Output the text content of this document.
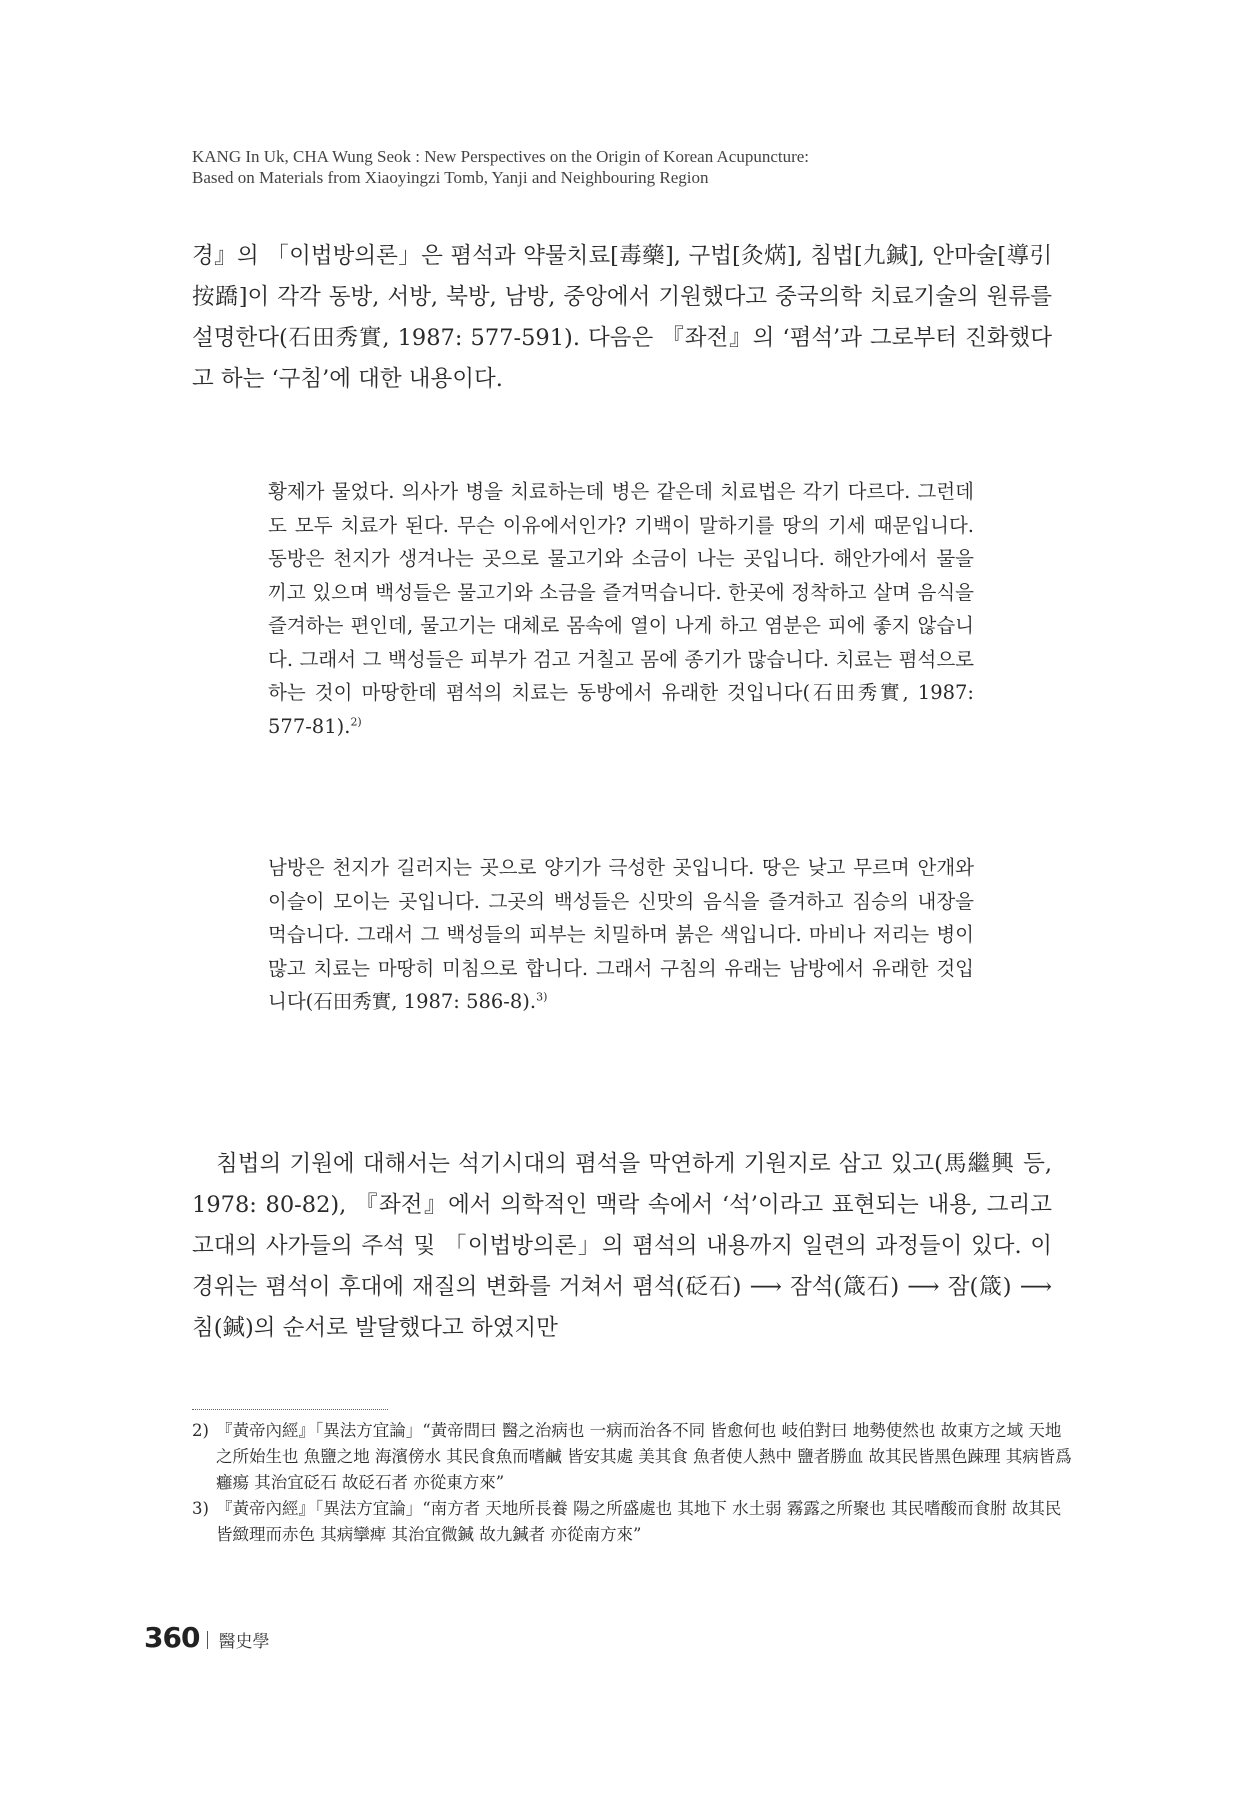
KANG In Uk, CHA Wung Seok : New Perspectives on the Origin of Korean Acupuncture:
Based on Materials from Xiaoyingzi Tomb, Yanji and Neighbouring Region

경』의 「이법방의론」은 폄석과 약물치료[毒藥], 구법[灸焫], 침법[九鍼], 안마술[導引按蹻]이 각각 동방, 서방, 북방, 남방, 중앙에서 기원했다고 중국의학 치료기술의 원류를 설명한다(石田秀實, 1987: 577-591). 다음은 『좌전』의 ‘폄석’과 그로부터 진화했다고 하는 ‘구침’에 대한 내용이다.

황제가 물었다. 의사가 병을 치료하는데 병은 같은데 치료법은 각기 다르다. 그런데도 모두 치료가 된다. 무슨 이유에서인가? 기백이 말하기를 땅의 기세 때문입니다. 동방은 천지가 생겨나는 곳으로 물고기와 소금이 나는 곳입니다. 해안가에서 물을 끼고 있으며 백성들은 물고기와 소금을 즐겨먹습니다. 한곳에 정착하고 살며 음식을 즐겨하는 편인데, 물고기는 대체로 몸속에 열이 나게 하고 염분은 피에 좋지 않습니다. 그래서 그 백성들은 피부가 검고 거칠고 몸에 종기가 많습니다. 치료는 폄석으로 하는 것이 마땅한데 폄석의 치료는 동방에서 유래한 것입니다(石田秀實, 1987: 577-81).$^{2)}$
남방은 천지가 길러지는 곳으로 양기가 극성한 곳입니다. 땅은 낮고 무르며 안개와 이슬이 모이는 곳입니다. 그곳의 백성들은 신맛의 음식을 즐겨하고 짐승의 내장을 먹습니다. 그래서 그 백성들의 피부는 치밀하며 붉은 색입니다. 마비나 저리는 병이 많고 치료는 마땅히 미침으로 합니다. 그래서 구침의 유래는 남방에서 유래한 것입니다(石田秀實, 1987: 586-8).$^{3)}$

침법의 기원에 대해서는 석기시대의 폄석을 막연하게 기원지로 삼고 있고(馬繼興 등, 1978: 80-82), 『좌전』에서 의학적인 맥락 속에서 ‘석’이라고 표현되는 내용, 그리고 고대의 사가들의 주석 및 「이법방의론」의 폄석의 내용까지 일련의 과정들이 있다. 이경위는 폄석이 후대에 재질의 변화를 거쳐서 폄석(砭石) ⟶ 잠석(箴石) ⟶ 잠(箴) ⟶ 침(鍼)의 순서로 발달했다고 하였지만

2) 『黃帝內經』「異法方宜論」“黃帝問曰 醫之治病也 一病而治各不同 皆愈何也 岐伯對曰 地勢使然也 故東方之域 天地之所始生也 魚鹽之地 海濱傍水 其民食魚而嗜鹹 皆安其處 美其食 魚者使人熱中 鹽者勝血 故其民皆黑色踈理 其病皆爲癰瘍 其治宜砭石 故砭石者 亦從東方來”
3) 『黃帝內經』「異法方宜論」“南方者 天地所長養 陽之所盛處也 其地下 水土弱 霧露之所聚也 其民嗜酸而食胕 故其民皆緻理而赤色 其病攣痺 其治宜微鍼 故九鍼者 亦從南方來”
360 醫史學
